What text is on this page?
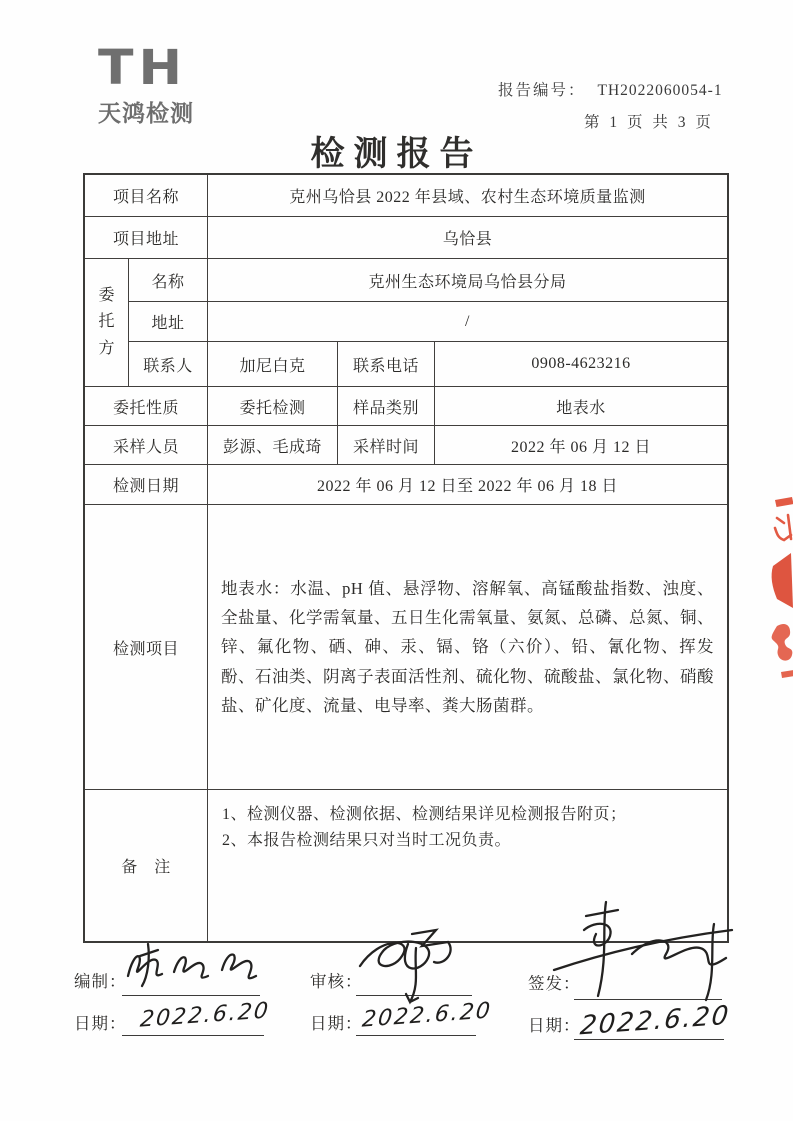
TH
天鸿检测
报告编号： TH2022060054-1
第 1 页 共 3 页
检测报告
项目名称	克州乌恰县 2022 年县域、农村生态环境质量监测
项目地址	乌恰县
委托方
名称	克州生态环境局乌恰县分局
地址	/
联系人	加尼白克	联系电话	0908-4623216
委托性质	委托检测	样品类别	地表水
采样人员	彭源、毛成琦	采样时间	2022 年 06 月 12 日
检测日期	2022 年 06 月 12 日至 2022 年 06 月 18 日
检测项目
地表水：水温、pH 值、悬浮物、溶解氧、高锰酸盐指数、浊度、全盐量、化学需氧量、五日生化需氧量、氨氮、总磷、总氮、铜、锌、氟化物、硒、砷、汞、镉、铬（六价）、铅、氰化物、挥发酚、石油类、阴离子表面活性剂、硫化物、硫酸盐、氯化物、硝酸盐、矿化度、流量、电导率、粪大肠菌群。
备　注
1、检测仪器、检测依据、检测结果详见检测报告附页；
2、本报告检测结果只对当时工况负责。
编制：
日期： 2022.6.20
审核：
日期：
2022.6.20
签发：
日期：
2022.6.20
